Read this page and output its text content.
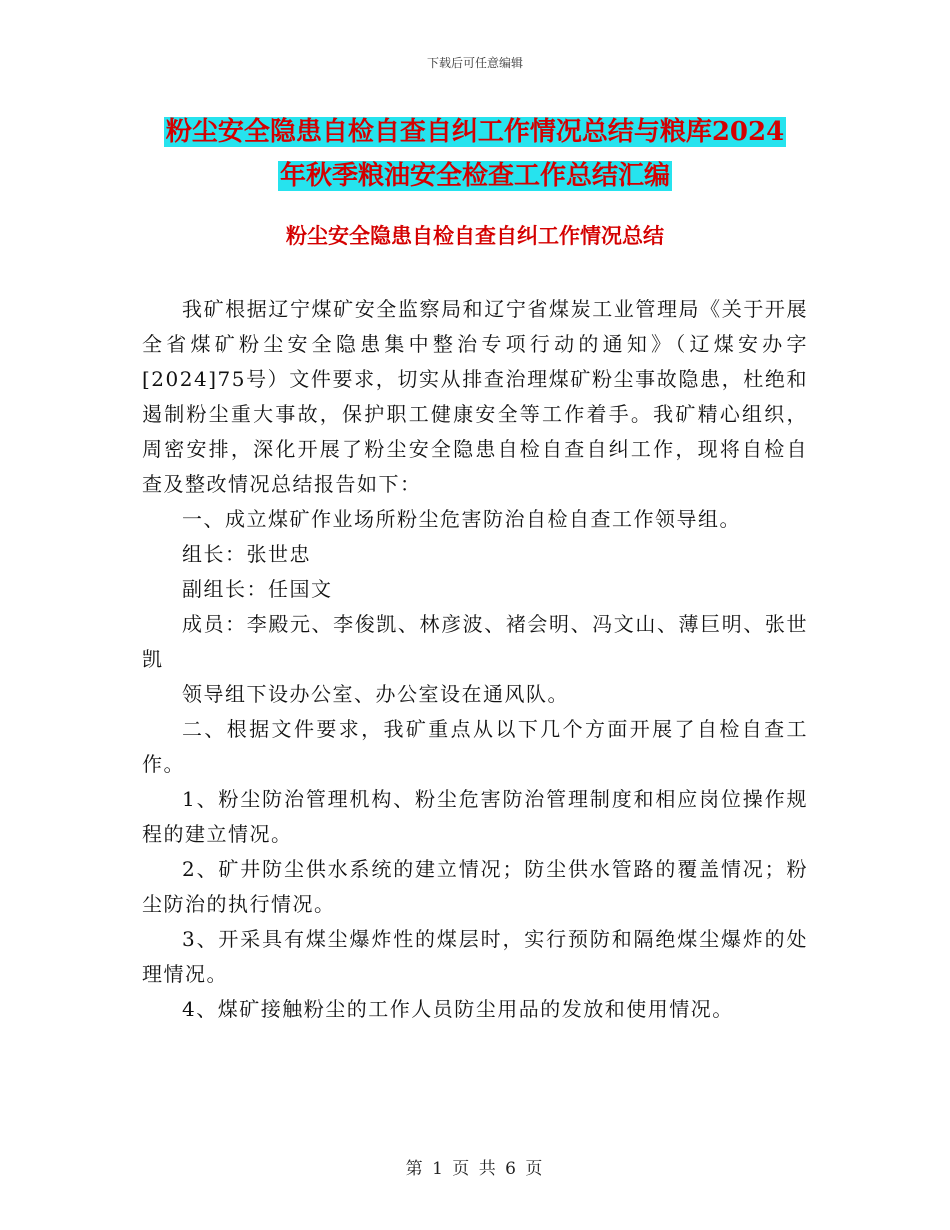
下载后可任意编辑
粉尘安全隐患自检自查自纠工作情况总结与粮库2024
年秋季粮油安全检查工作总结汇编
粉尘安全隐患自检自查自纠工作情况总结

我矿根据辽宁煤矿安全监察局和辽宁省煤炭工业管理局《关于开展全省煤矿粉尘安全隐患集中整治专项行动的通知》（辽煤安办字[2024]75号）文件要求，切实从排查治理煤矿粉尘事故隐患，杜绝和遏制粉尘重大事故，保护职工健康安全等工作着手。我矿精心组织，周密安排，深化开展了粉尘安全隐患自检自查自纠工作，现将自检自查及整改情况总结报告如下：

一、成立煤矿作业场所粉尘危害防治自检自查工作领导组。

组长：张世忠

副组长：任国文

成员：李殿元、李俊凯、林彦波、褚会明、冯文山、薄巨明、张世凯

领导组下设办公室、办公室设在通风队。

二、根据文件要求，我矿重点从以下几个方面开展了自检自查工作。

1、粉尘防治管理机构、粉尘危害防治管理制度和相应岗位操作规程的建立情况。

2、矿井防尘供水系统的建立情况；防尘供水管路的覆盖情况；粉尘防治的执行情况。

3、开采具有煤尘爆炸性的煤层时，实行预防和隔绝煤尘爆炸的处理情况。

4、煤矿接触粉尘的工作人员防尘用品的发放和使用情况。

第 1 页 共 6 页
